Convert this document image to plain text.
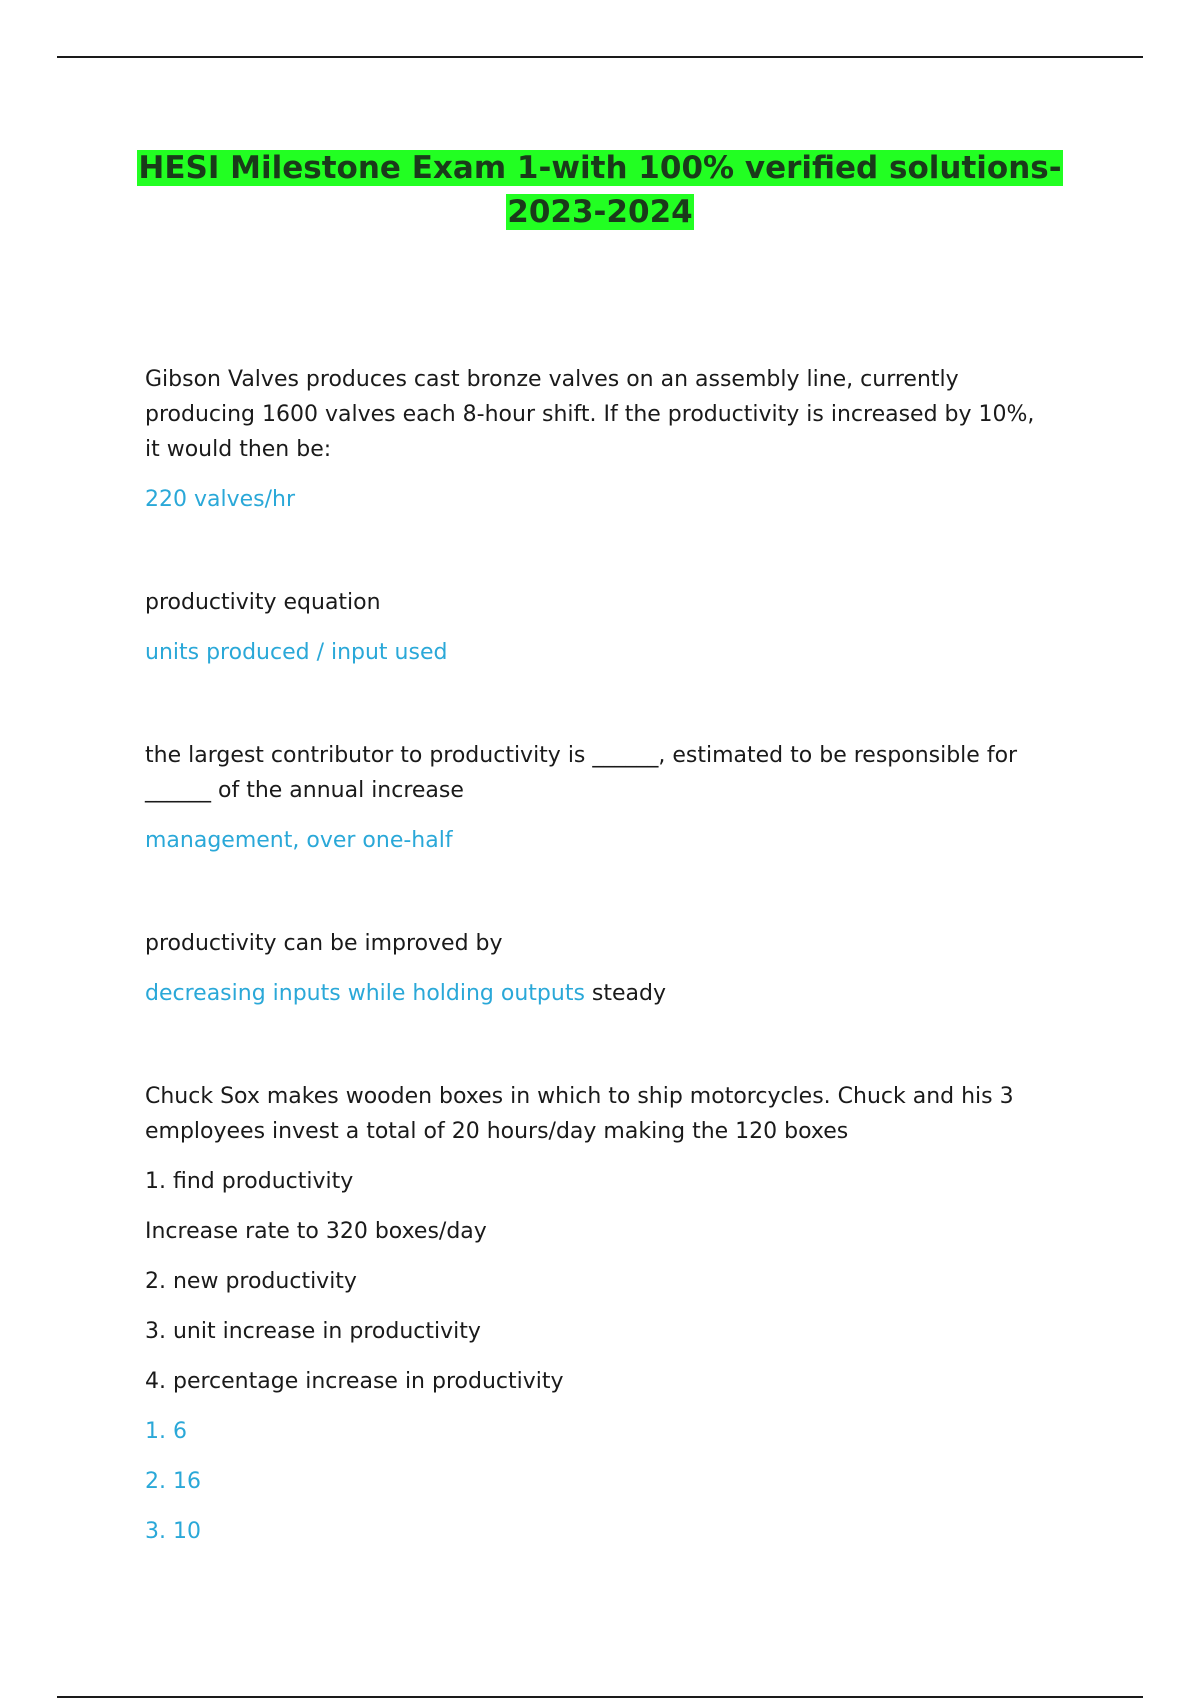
HESI Milestone Exam 1-with 100% verified solutions-
2023-2024

Gibson Valves produces cast bronze valves on an assembly line, currently producing 1600 valves each 8-hour shift. If the productivity is increased by 10%, it would then be:

220 valves/hr

productivity equation

units produced / input used

the largest contributor to productivity is ______, estimated to be responsible for ______ of the annual increase

management, over one-half

productivity can be improved by

decreasing inputs while holding outputs steady

Chuck Sox makes wooden boxes in which to ship motorcycles. Chuck and his 3 employees invest a total of 20 hours/day making the 120 boxes

1. find productivity

Increase rate to 320 boxes/day

2. new productivity

3. unit increase in productivity

4. percentage increase in productivity

1. 6

2. 16

3. 10
